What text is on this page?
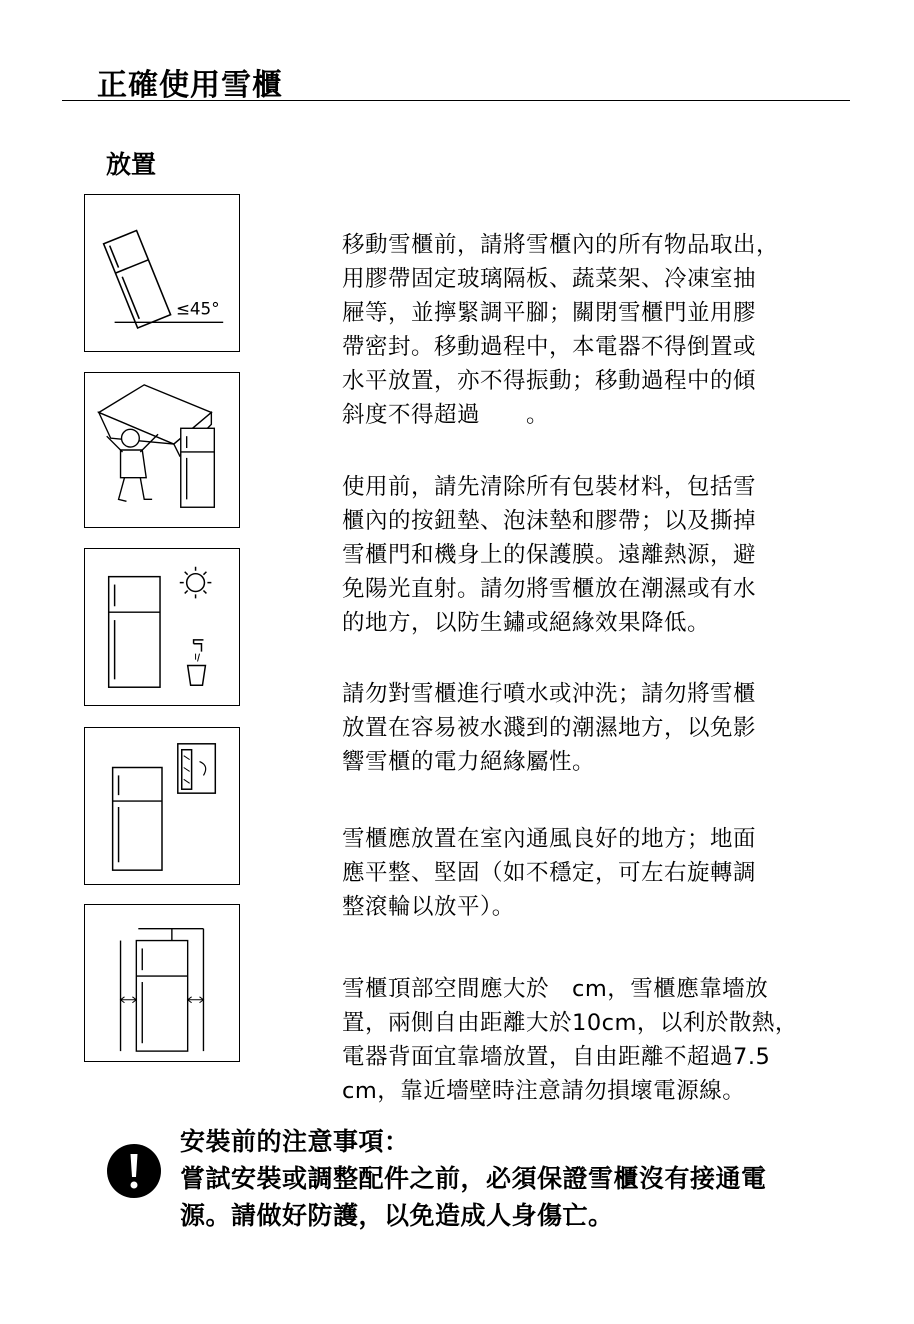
正確使用雪櫃
放置
≤45°
移動雪櫃前，請將雪櫃內的所有物品取出，
用膠帶固定玻璃隔板、蔬菜架、冷凍室抽
屜等，並擰緊調平腳；關閉雪櫃門並用膠
帶密封。移動過程中，本電器不得倒置或
水平放置，亦不得振動；移動過程中的傾
斜度不得超過　　。
使用前，請先清除所有包裝材料，包括雪
櫃內的按鈕墊、泡沫墊和膠帶；以及撕掉
雪櫃門和機身上的保護膜。遠離熱源，避
免陽光直射。請勿將雪櫃放在潮濕或有水
的地方，以防生鏽或絕緣效果降低。
請勿對雪櫃進行噴水或沖洗；請勿將雪櫃
放置在容易被水濺到的潮濕地方，以免影
響雪櫃的電力絕緣屬性。
雪櫃應放置在室內通風良好的地方；地面
應平整、堅固（如不穩定，可左右旋轉調
整滾輪以放平）。
雪櫃頂部空間應大於　cm，雪櫃應靠墻放
置，兩側自由距離大於10cm，以利於散熱，
電器背面宜靠墻放置，自由距離不超過7.5
cm，靠近墻壁時注意請勿損壞電源線。
安裝前的注意事項：
嘗試安裝或調整配件之前，必須保證雪櫃沒有接通電
源。請做好防護，以免造成人身傷亡。
